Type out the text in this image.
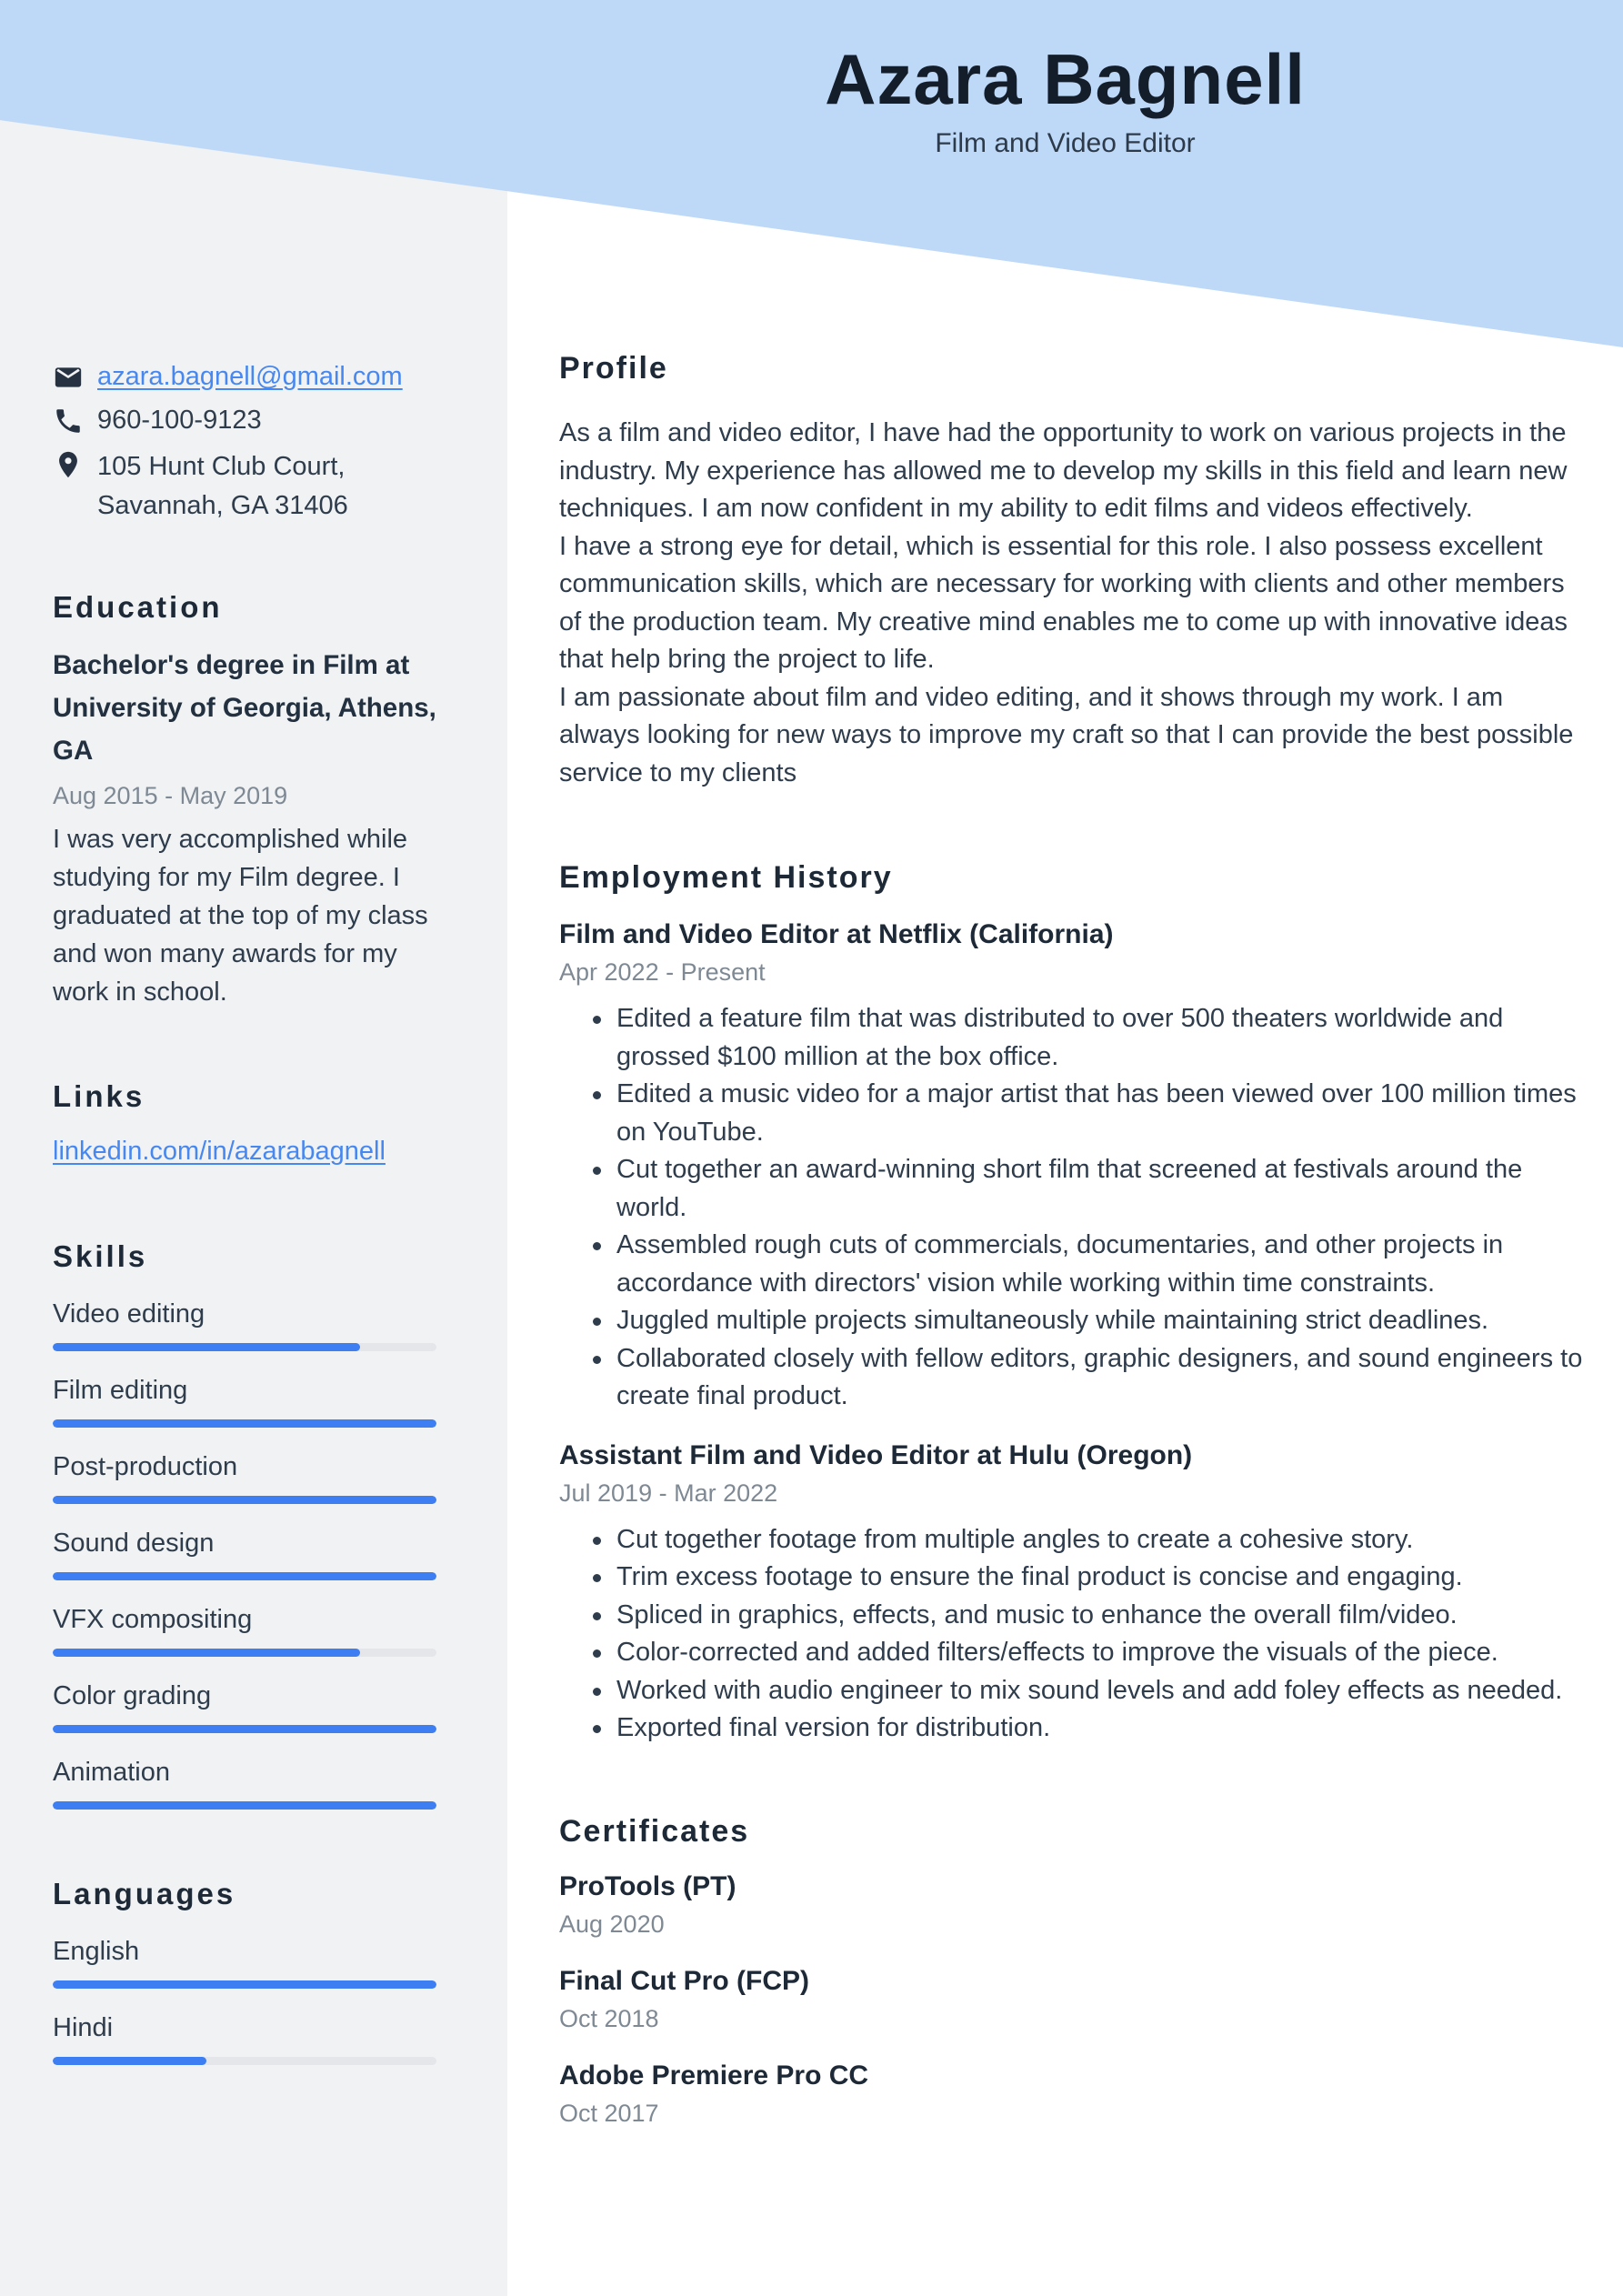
azara.bagnell@gmail.com
960-100-9123
105 Hunt Club Court,
Savannah, GA 31406
Education
Bachelor's degree in Film at University of Georgia, Athens, GA
Aug 2015 - May 2019
I was very accomplished while studying for my Film degree. I graduated at the top of my class and won many awards for my work in school.
Links
linkedin.com/in/azarabagnell
Skills
Video editing
Film editing
Post-production
Sound design
VFX compositing
Color grading
Animation
Languages
English
Hindi
Azara Bagnell
Film and Video Editor
Profile

As a film and video editor, I have had the opportunity to work on various projects in the industry. My experience has allowed me to develop my skills in this field and learn new techniques. I am now confident in my ability to edit films and videos effectively.

I have a strong eye for detail, which is essential for this role. I also possess excellent communication skills, which are necessary for working with clients and other members of the production team. My creative mind enables me to come up with innovative ideas that help bring the project to life.

I am passionate about film and video editing, and it shows through my work. I am always looking for new ways to improve my craft so that I can provide the best possible service to my clients

Employment History
Film and Video Editor at Netflix (California)
Apr 2022 - Present
Edited a feature film that was distributed to over 500 theaters worldwide and grossed $100 million at the box office.
Edited a music video for a major artist that has been viewed over 100 million times on YouTube.
Cut together an award-winning short film that screened at festivals around the world.
Assembled rough cuts of commercials, documentaries, and other projects in accordance with directors' vision while working within time constraints.
Juggled multiple projects simultaneously while maintaining strict deadlines.
Collaborated closely with fellow editors, graphic designers, and sound engineers to create final product.
Assistant Film and Video Editor at Hulu (Oregon)
Jul 2019 - Mar 2022
Cut together footage from multiple angles to create a cohesive story.
Trim excess footage to ensure the final product is concise and engaging.
Spliced in graphics, effects, and music to enhance the overall film/video.
Color-corrected and added filters/effects to improve the visuals of the piece.
Worked with audio engineer to mix sound levels and add foley effects as needed.
Exported final version for distribution.
Certificates
ProTools (PT)
Aug 2020
Final Cut Pro (FCP)
Oct 2018
Adobe Premiere Pro CC
Oct 2017
